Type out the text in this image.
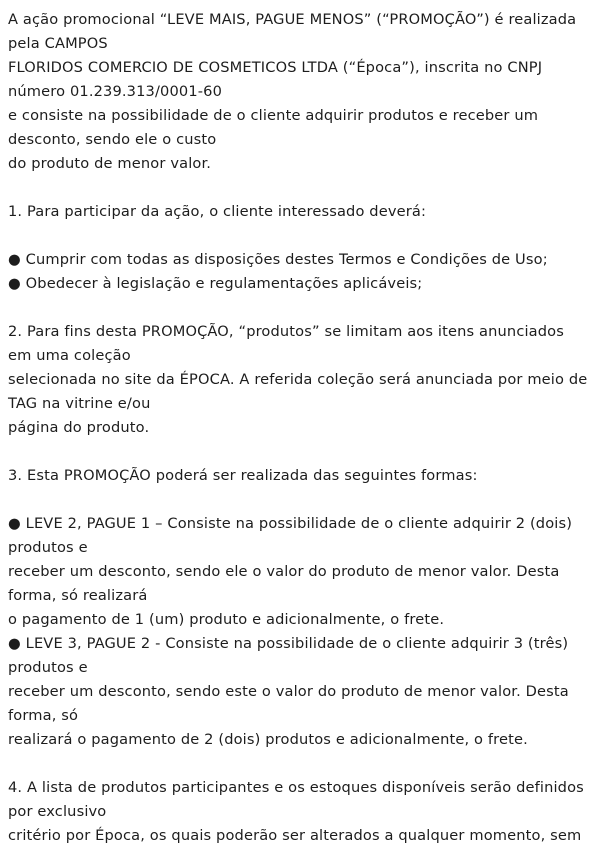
A ação promocional “LEVE MAIS, PAGUE MENOS” (“PROMOÇÃO”) é realizada pela CAMPOS

FLORIDOS COMERCIO DE COSMETICOS LTDA (“Época”), inscrita no CNPJ número 01.239.313/0001-60

e consiste na possibilidade de o cliente adquirir produtos e receber um desconto, sendo ele o custo

do produto de menor valor.

1. Para participar da ação, o cliente interessado deverá:

● Cumprir com todas as disposições destes Termos e Condições de Uso;

● Obedecer à legislação e regulamentações aplicáveis;

2. Para fins desta PROMOÇÃO, “produtos” se limitam aos itens anunciados em uma coleção

selecionada no site da ÉPOCA. A referida coleção será anunciada por meio de TAG na vitrine e/ou

página do produto.

3. Esta PROMOÇÃO poderá ser realizada das seguintes formas:

● LEVE 2, PAGUE 1 – Consiste na possibilidade de o cliente adquirir 2 (dois) produtos e

receber um desconto, sendo ele o valor do produto de menor valor. Desta forma, só realizará

o pagamento de 1 (um) produto e adicionalmente, o frete.

● LEVE 3, PAGUE 2 - Consiste na possibilidade de o cliente adquirir 3 (três) produtos e

receber um desconto, sendo este o valor do produto de menor valor. Desta forma, só

realizará o pagamento de 2 (dois) produtos e adicionalmente, o frete.

4. A lista de produtos participantes e os estoques disponíveis serão definidos por exclusivo

critério por Época, os quais poderão ser alterados a qualquer momento, sem
